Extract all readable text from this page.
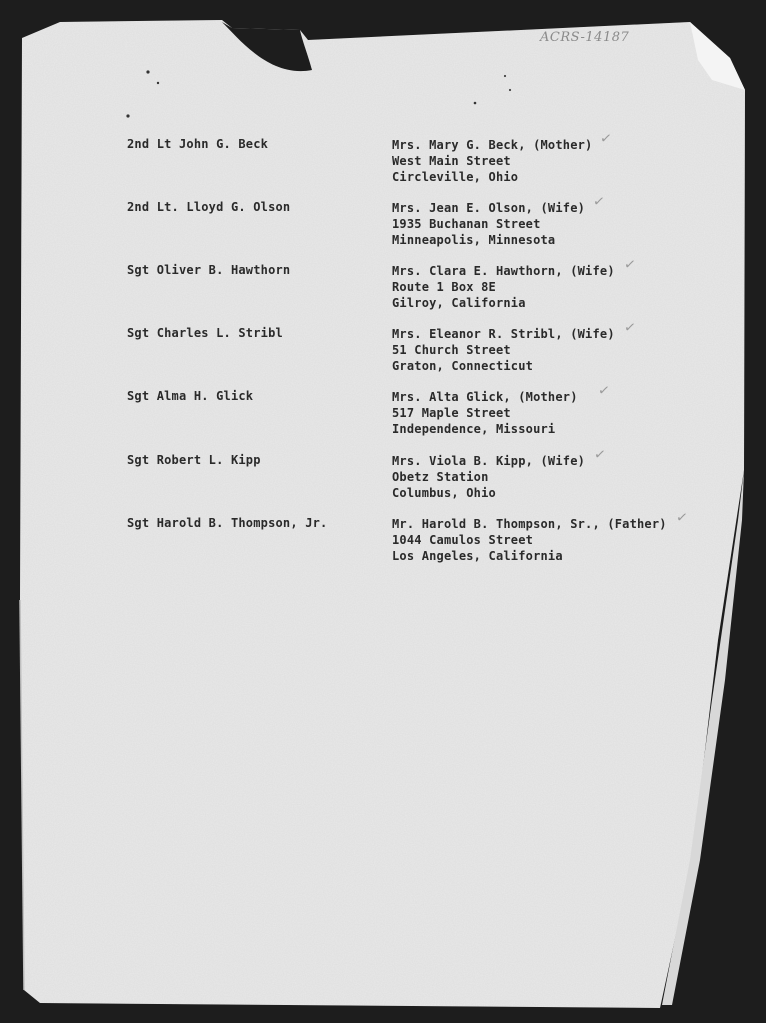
ACRS-14187
2nd Lt John G. Beck	Mrs. Mary G. Beck, (Mother)
West Main Street
Circleville, Ohio
✓
2nd Lt. Lloyd G. Olson	Mrs. Jean E. Olson, (Wife)
1935 Buchanan Street
Minneapolis, Minnesota
✓
Sgt Oliver B. Hawthorn	Mrs. Clara E. Hawthorn, (Wife)
Route 1 Box 8E
Gilroy, California
✓
Sgt Charles L. Stribl	Mrs. Eleanor R. Stribl, (Wife)
51 Church Street
Graton, Connecticut
✓
Sgt Alma H. Glick	Mrs. Alta Glick, (Mother)
517 Maple Street
Independence, Missouri
✓
Sgt Robert L. Kipp	Mrs. Viola B. Kipp, (Wife)
Obetz Station
Columbus, Ohio
✓
Sgt Harold B. Thompson, Jr.	Mr. Harold B. Thompson, Sr., (Father)
1044 Camulos Street
Los Angeles, California
✓
